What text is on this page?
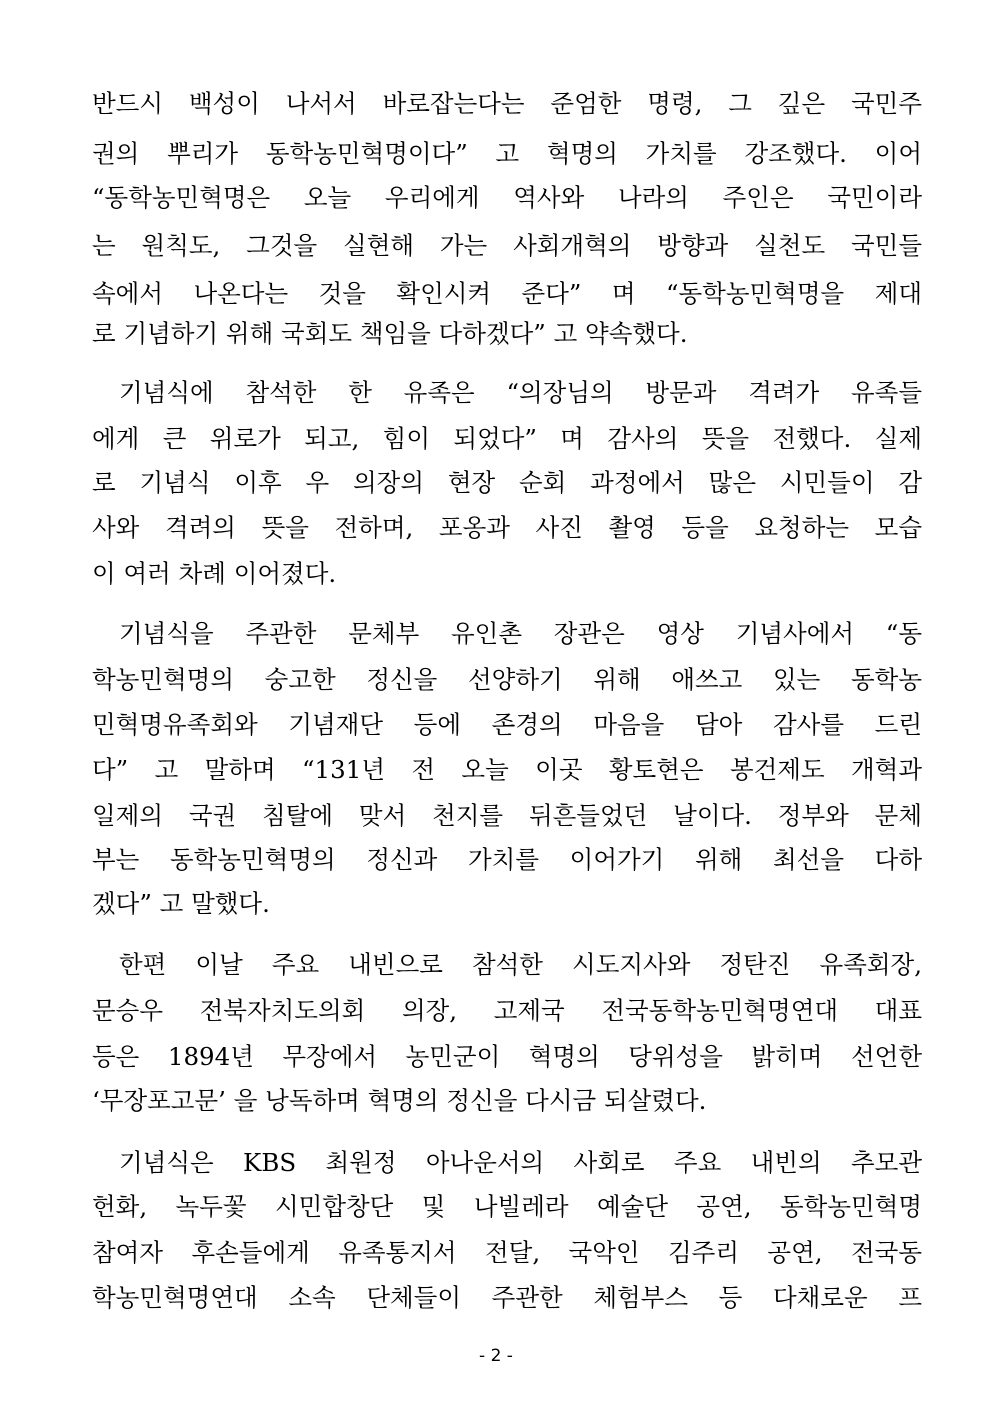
반드시 백성이 나서서 바로잡는다는 준엄한 명령, 그 깊은 국민주
권의 뿌리가 동학농민혁명이다” 고 혁명의 가치를 강조했다. 이어
“동학농민혁명은 오늘 우리에게 역사와 나라의 주인은 국민이라
는 원칙도, 그것을 실현해 가는 사회개혁의 방향과 실천도 국민들
속에서 나온다는 것을 확인시켜 준다” 며 “동학농민혁명을 제대
로 기념하기 위해 국회도 책임을 다하겠다” 고 약속했다.
기념식에 참석한 한 유족은 “의장님의 방문과 격려가 유족들
에게 큰 위로가 되고, 힘이 되었다” 며 감사의 뜻을 전했다. 실제
로 기념식 이후 우 의장의 현장 순회 과정에서 많은 시민들이 감
사와 격려의 뜻을 전하며, 포옹과 사진 촬영 등을 요청하는 모습
이 여러 차례 이어졌다.
기념식을 주관한 문체부 유인촌 장관은 영상 기념사에서 “동
학농민혁명의 숭고한 정신을 선양하기 위해 애쓰고 있는 동학농
민혁명유족회와 기념재단 등에 존경의 마음을 담아 감사를 드린
다” 고 말하며 “131년 전 오늘 이곳 황토현은 봉건제도 개혁과
일제의 국권 침탈에 맞서 천지를 뒤흔들었던 날이다. 정부와 문체
부는 동학농민혁명의 정신과 가치를 이어가기 위해 최선을 다하
겠다” 고 말했다.
한편 이날 주요 내빈으로 참석한 시도지사와 정탄진 유족회장,
문승우 전북자치도의회 의장, 고제국 전국동학농민혁명연대 대표
등은 1894년 무장에서 농민군이 혁명의 당위성을 밝히며 선언한
‘무장포고문’ 을 낭독하며 혁명의 정신을 다시금 되살렸다.
기념식은 KBS 최원정 아나운서의 사회로 주요 내빈의 추모관
헌화, 녹두꽃 시민합창단 및 나빌레라 예술단 공연, 동학농민혁명
참여자 후손들에게 유족통지서 전달, 국악인 김주리 공연, 전국동
학농민혁명연대 소속 단체들이 주관한 체험부스 등 다채로운 프
- 2 -
